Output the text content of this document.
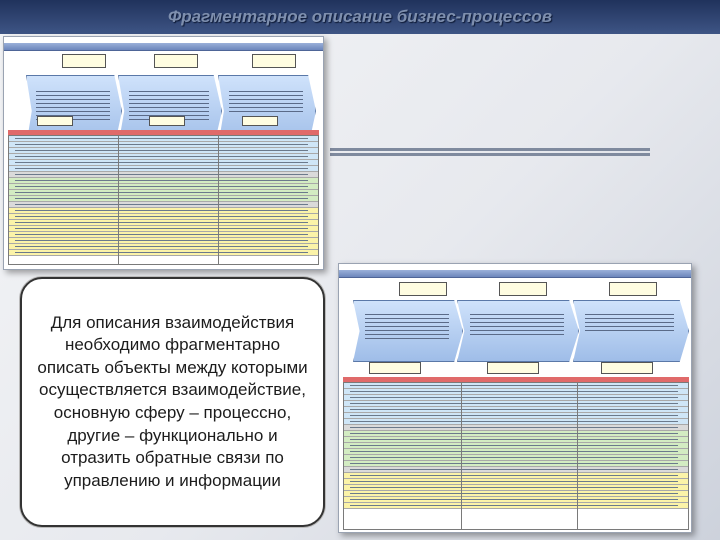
Фрагментарное описание бизнес-процессов

Для описания взаимодействия необходимо фрагментарно описать объекты между которыми осуществляется взаимодействие, основную сферу – процессно, другие – функционально и отразить обратные связи по управлению и информации
